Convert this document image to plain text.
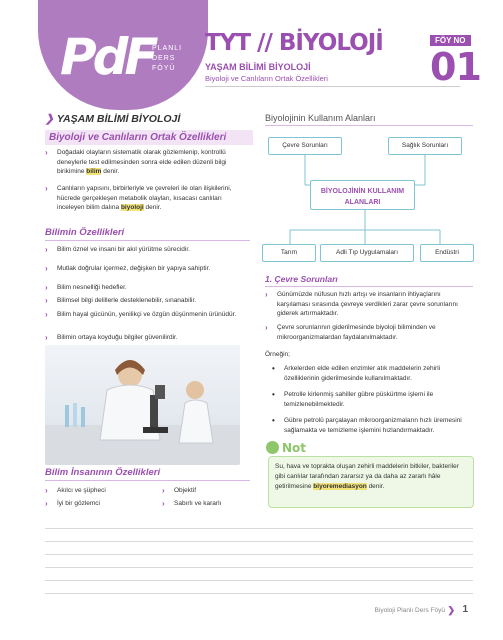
PdF
PLANLI
DERS
FÖYÜ
TYT // BİYOLOJİ
YAŞAM BİLİMİ BİYOLOJİ
Biyoloji ve Canlıların Ortak Özellikleri
FÖY NO
01
❯ YAŞAM BİLİMİ BİYOLOJİ
Biyoloji ve Canlıların Ortak Özellikleri
›	Doğadaki olayların sistematik olarak gözlemlenip, kontrollü deneylerle test edilmesinden sonra elde edilen düzenli bilgi birikimine bilim denir.
›	Canlıların yapısını, birbirleriyle ve çevreleri ile olan ilişkilerini, hücrede gerçekleşen metabolik olayları, kısacası canlıları inceleyen bilim dalına biyoloji denir.
Bilimin Özellikleri
›	Bilim öznel ve insani bir akıl yürütme sürecidir.
›	Mutlak doğrular içermez, değişken bir yapıya sahiptir.
›	Bilim nesnelliği hedefler.
›	Bilimsel bilgi delillerle desteklenebilir, sınanabilir.
›	Bilim hayal gücünün, yenilikçi ve özgün düşünmenin ürünüdür.
›	Bilimin ortaya koyduğu bilgiler güvenilirdir.
Bilim İnsanının Özellikleri
›	Akılcı ve şüpheci
›	İyi bir gözlemci
›	Objektif
›	Sabırlı ve kararlı
Biyolojinin Kullanım Alanları
Çevre Sorunları	Sağlık Sorunları
BİYOLOJİNİN KULLANIM ALANLARI
Tarım	Adli Tıp Uygulamaları	Endüstri
1. Çevre Sorunları
›	Günümüzde nüfusun hızlı artışı ve insanların ihtiyaçlarını karşılaması sırasında çevreye verdikleri zarar çevre sorunlarını giderek artırmaktadır.
›	Çevre sorunlarının giderilmesinde biyoloji biliminden ve mikroorganizmalardan faydalanılmaktadır.
Örneğin;
•	Arkelerden elde edilen enzimler atık maddelerin zehirli özelliklerinin giderilmesinde kullanılmaktadır.
•	Petrolle kirlenmiş sahiller gübre püskürtme işlemi ile temizlenebilmektedir.
•	Gübre petrolü parçalayan mikroorganizmaların hızlı üremesini sağlamakta ve temizleme işlemini hızlandırmaktadır.
Not
Su, hava ve toprakta oluşan zehirli maddelerin bitkiler, bakteriler gibi canlılar tarafından zararsız ya da daha az zararlı hâle getirilmesine biyoremediasyon denir.
Biyoloji Planlı Ders Föyü ❯ 1
